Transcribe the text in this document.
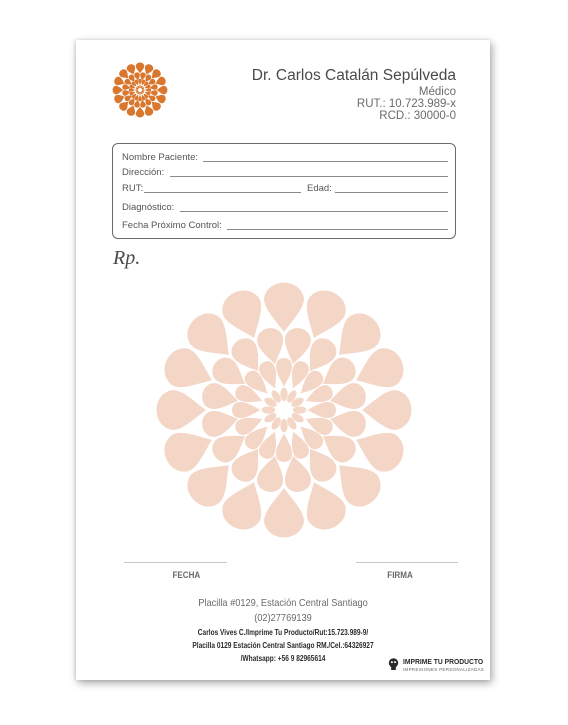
Dr. Carlos Catalán Sepúlveda
Médico
RUT.: 10.723.989-x
RCD.: 30000-0
Nombre Paciente:
Dirección:
RUT:	Edad:
Diagnóstico:
Fecha Próximo Control:
Rp.
FECHA	FIRMA
Placilla #0129, Estación Central Santiago
(02)27769139
Carlos Vives C./Imprime Tu Producto/Rut:15.723.989-9/
Placilla 0129 Estación Central Santiago RM./Cel.:64326927
/Whatsapp: +56 9 82965614	IMPRIME TU PRODUCTO
IMPRESIONES PERSONALIZADAS
